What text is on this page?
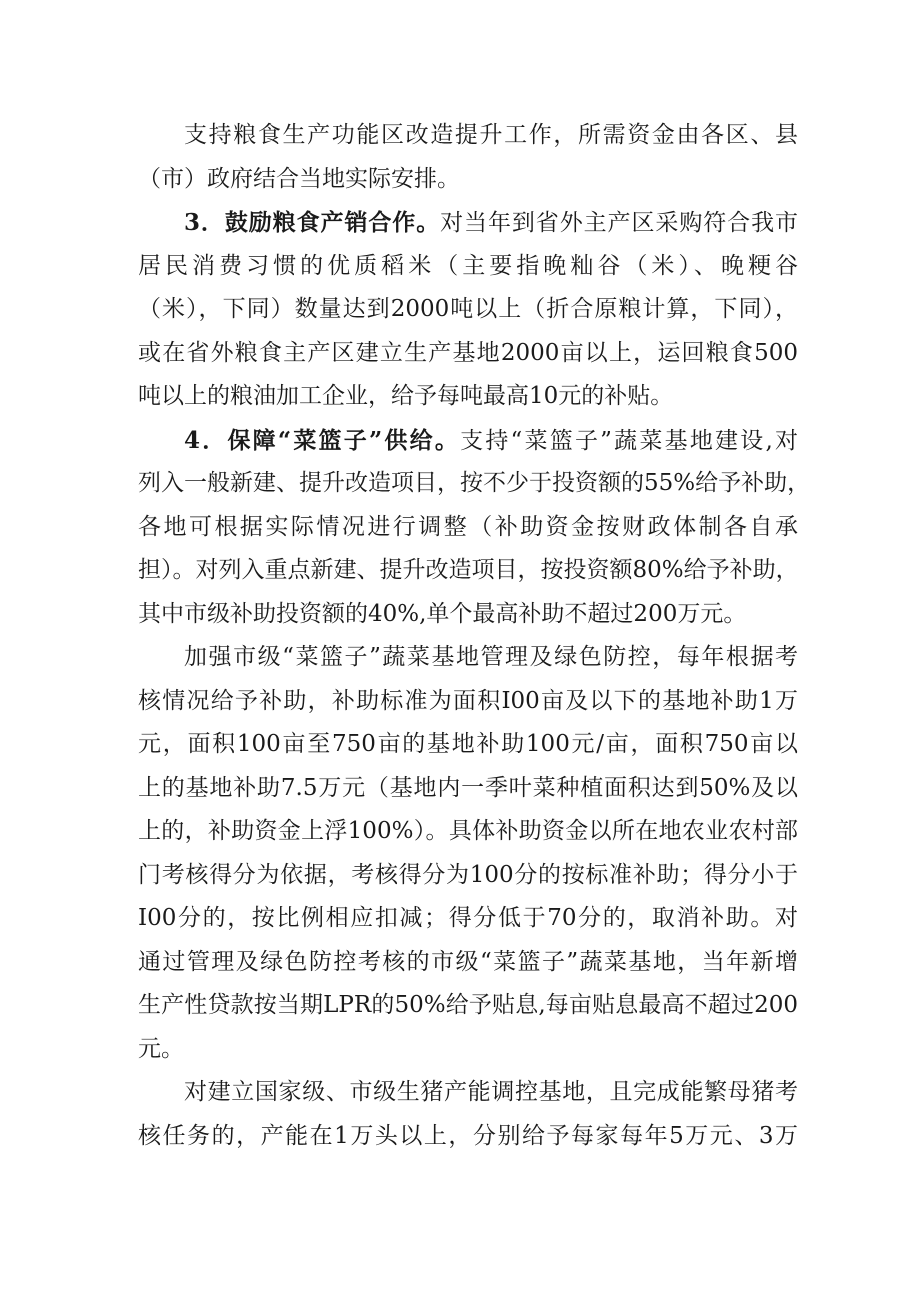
支持粮食生产功能区改造提升工作，所需资金由各区、县
（市）政府结合当地实际安排。
3．鼓励粮食产销合作。对当年到省外主产区采购符合我市
居民消费习惯的优质稻米（主要指晚籼谷（米）、晚粳谷
（米），下同）数量达到2000吨以上（折合原粮计算，下同），
或在省外粮食主产区建立生产基地2000亩以上，运回粮食500
吨以上的粮油加工企业，给予每吨最高10元的补贴。
4．保障“菜篮子”供给。支持“菜篮子”蔬菜基地建设,对
列入一般新建、提升改造项目，按不少于投资额的55%给予补助，
各地可根据实际情况进行调整（补助资金按财政体制各自承
担）。对列入重点新建、提升改造项目，按投资额80%给予补助，
其中市级补助投资额的40%,单个最高补助不超过200万元。
加强市级“菜篮子”蔬菜基地管理及绿色防控，每年根据考
核情况给予补助，补助标准为面积I00亩及以下的基地补助1万
元，面积100亩至750亩的基地补助100元/亩，面积750亩以
上的基地补助7.5万元（基地内一季叶菜种植面积达到50%及以
上的，补助资金上浮100%）。具体补助资金以所在地农业农村部
门考核得分为依据，考核得分为100分的按标准补助；得分小于
I00分的，按比例相应扣减；得分低于70分的，取消补助。对
通过管理及绿色防控考核的市级“菜篮子”蔬菜基地，当年新增
生产性贷款按当期LPR的50%给予贴息,每亩贴息最高不超过200
元。
对建立国家级、市级生猪产能调控基地，且完成能繁母猪考
核任务的，产能在1万头以上，分别给予每家每年5万元、3万
